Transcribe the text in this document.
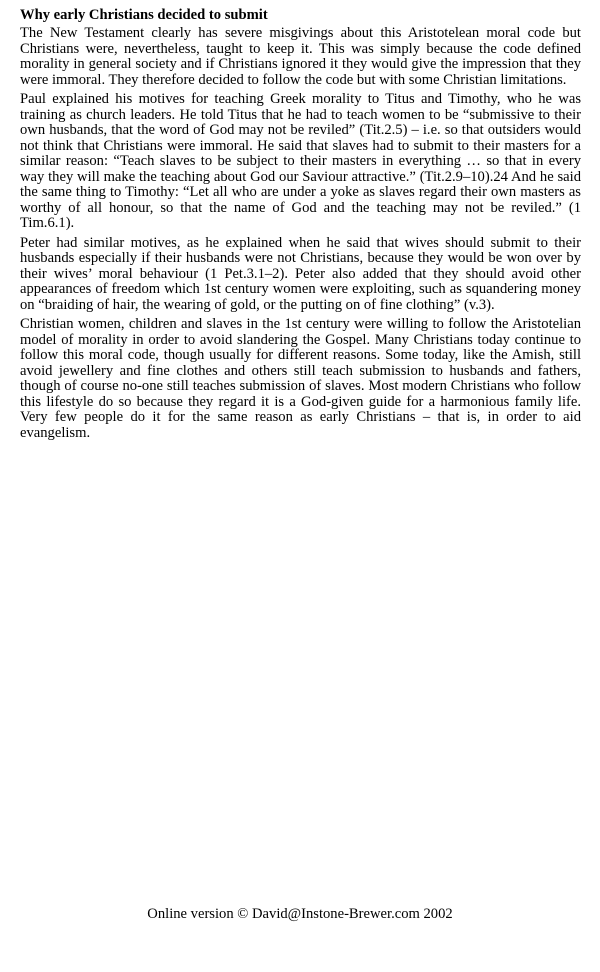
Why early Christians decided to submit

The New Testament clearly has severe misgivings about this Aristotelean moral code but Christians were, nevertheless, taught to keep it. This was simply because the code defined morality in general society and if Christians ignored it they would give the impression that they were immoral. They therefore decided to follow the code but with some Christian limitations.

Paul explained his motives for teaching Greek morality to Titus and Timothy, who he was training as church leaders. He told Titus that he had to teach women to be “submissive to their own husbands, that the word of God may not be reviled” (Tit.2.5) – i.e. so that outsiders would not think that Christians were immoral. He said that slaves had to submit to their masters for a similar reason: “Teach slaves to be subject to their masters in everything … so that in every way they will make the teaching about God our Saviour attractive.” (Tit.2.9–10).24 And he said the same thing to Timothy: “Let all who are under a yoke as slaves regard their own masters as worthy of all honour, so that the name of God and the teaching may not be reviled.” (1 Tim.6.1).

Peter had similar motives, as he explained when he said that wives should submit to their husbands especially if their husbands were not Christians, because they would be won over by their wives’ moral behaviour (1 Pet.3.1–2). Peter also added that they should avoid other appearances of freedom which 1st century women were exploiting, such as squandering money on “braiding of hair, the wearing of gold, or the putting on of fine clothing” (v.3).

Christian women, children and slaves in the 1st century were willing to follow the Aristotelian model of morality in order to avoid slandering the Gospel. Many Christians today continue to follow this moral code, though usually for different reasons. Some today, like the Amish, still avoid jewellery and fine clothes and others still teach submission to husbands and fathers, though of course no-one still teaches submission of slaves. Most modern Christians who follow this lifestyle do so because they regard it is a God-given guide for a harmonious family life. Very few people do it for the same reason as early Christians – that is, in order to aid evangelism.

Online version © David@Instone-Brewer.com 2002
